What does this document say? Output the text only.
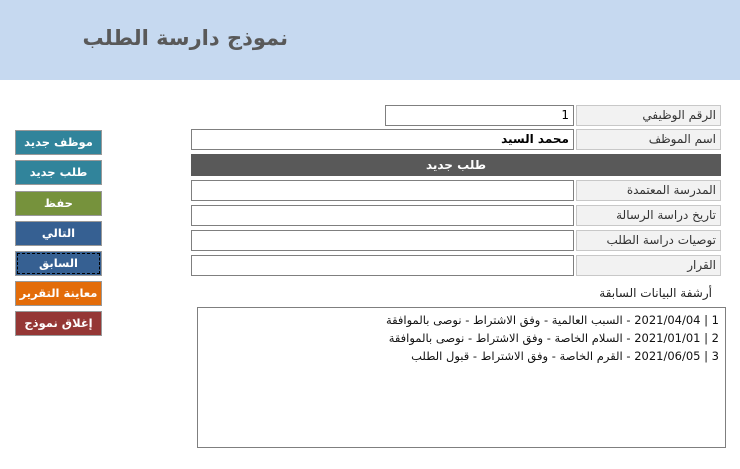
نموذج دارسة الطلب
1	الرقم الوظيفي
محمد السيد	اسم الموظف
طلب جديد
المدرسة المعتمدة
تاريخ دراسة الرسالة
توصيات دراسة الطلب
القرار
أرشفة البيانات السابقة
1 | 2021/04/04 - السبب العالمية - وفق الاشتراط - نوصى بالموافقة
2 | 2021/01/01 - السلام الخاصة - وفق الاشتراط - نوصى بالموافقة
3 | 2021/06/05 - القرم الخاصة - وفق الاشتراط - قبول الطلب
موظف جديد
طلب جديد
حفظ
التالي
السابق
معاينة التقرير
إغلاق نموذج
